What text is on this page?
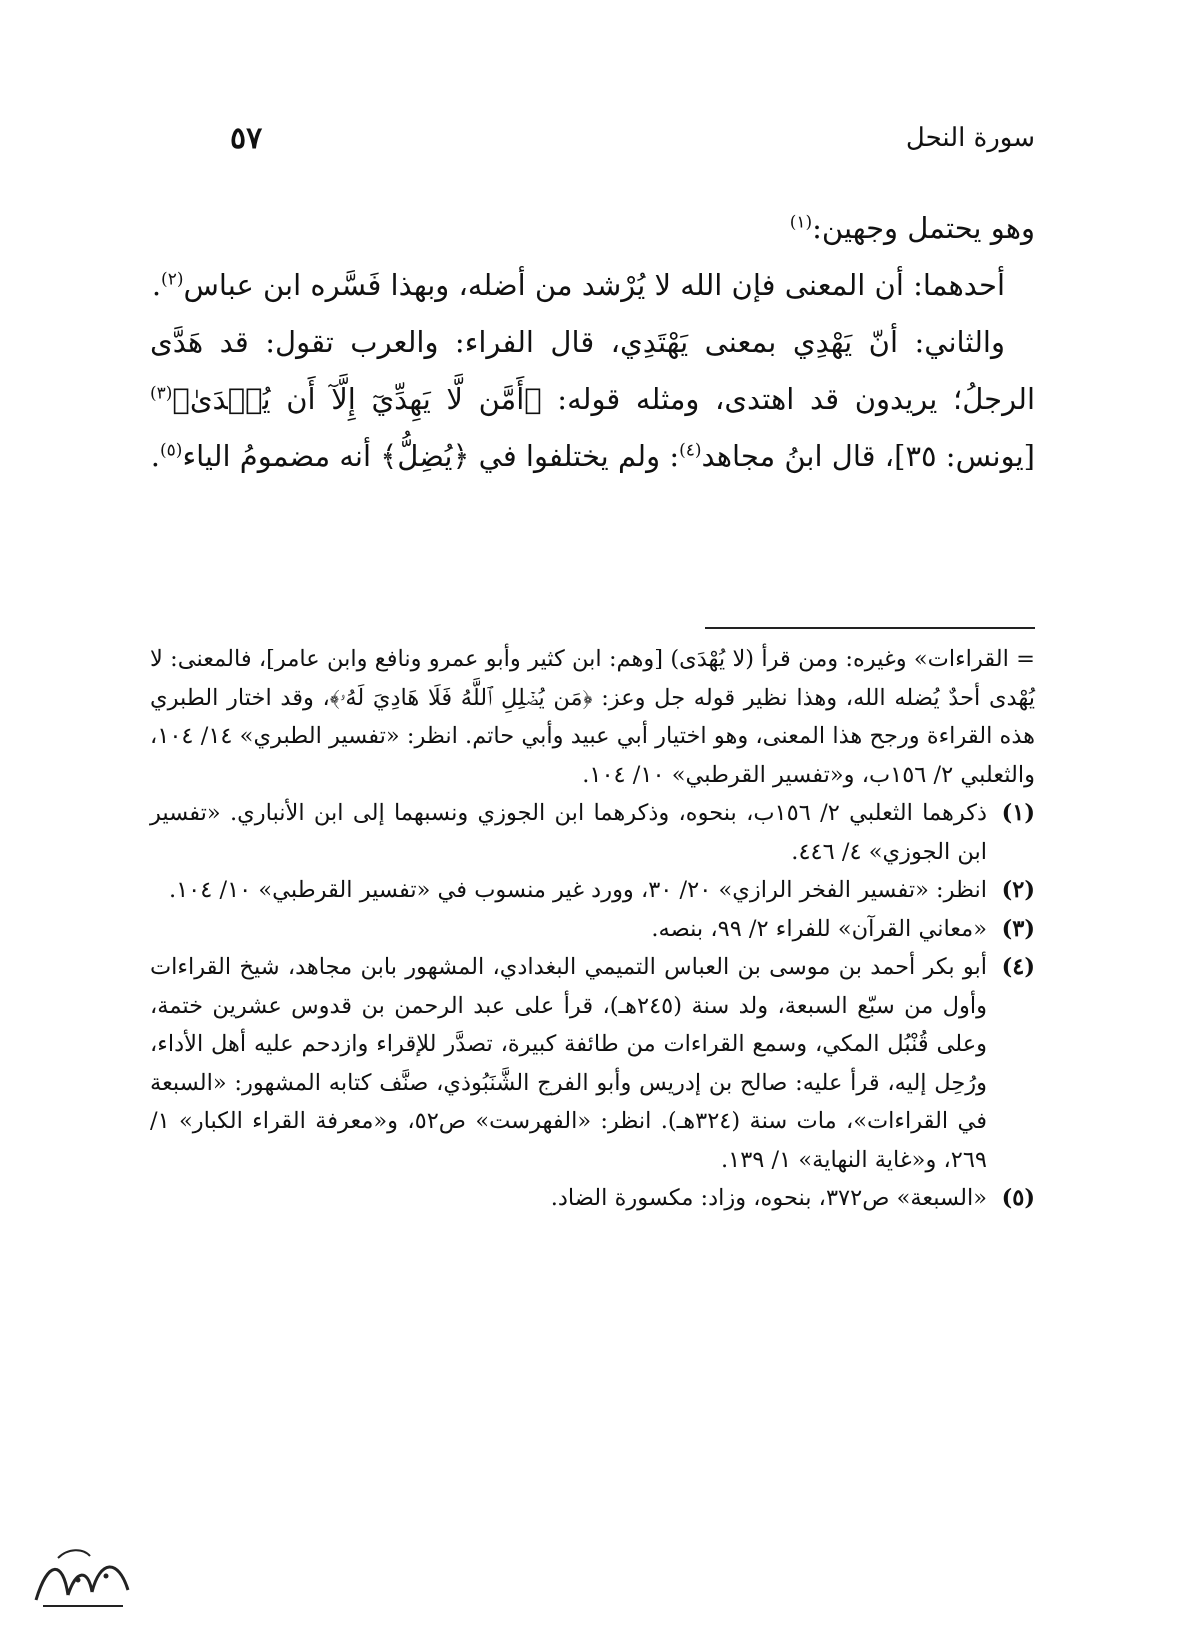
سورة النحل
٥٧

وهو يحتمل وجهين:$^{(١)}$

أحدهما: أن المعنى فإن الله لا يُرْشد من أضله، وبهذا فَسَّره ابن عباس$^{(٢)}$.

والثاني: أنّ يَهْدِي بمعنى يَهْتَدِي، قال الفراء: والعرب تقول: قد هَدَّى الرجلُ؛ يريدون قد اهتدى، ومثله قوله: ﴿أَمَّن لَّا يَهِدِّيٓ إِلَّآ أَن يُهۡدَىٰ﴾$^{(٣)}$ [يونس: ٣٥]، قال ابنُ مجاهد$^{(٤)}$: ولم يختلفوا في ﴿يُضِلُّ﴾ أنه مضمومُ الياء$^{(٥)}$.

= القراءات» وغيره: ومن قرأ (لا يُهْدَى) [وهم: ابن كثير وأبو عمرو ونافع وابن عامر]، فالمعنى: لا يُهْدى أحدٌ يُضله الله، وهذا نظير قوله جل وعز: ﴿مَن يُضۡلِلِ ٱللَّهُ فَلَا هَادِيَ لَهُۥ﴾، وقد اختار الطبري هذه القراءة ورجح هذا المعنى، وهو اختيار أبي عبيد وأبي حاتم. انظر: «تفسير الطبري» ١٤/ ١٠٤، والثعلبي ٢/ ١٥٦ب، و«تفسير القرطبي» ١٠/ ١٠٤.

(١)
ذكرهما الثعلبي ٢/ ١٥٦ب، بنحوه، وذكرهما ابن الجوزي ونسبهما إلى ابن الأنباري. «تفسير ابن الجوزي» ٤/ ٤٤٦.
(٢)
انظر: «تفسير الفخر الرازي» ٢٠/ ٣٠، وورد غير منسوب في «تفسير القرطبي» ١٠/ ١٠٤.
(٣)
«معاني القرآن» للفراء ٢/ ٩٩، بنصه.
(٤)
أبو بكر أحمد بن موسى بن العباس التميمي البغدادي، المشهور بابن مجاهد، شيخ القراءات وأول من سبّع السبعة، ولد سنة (٢٤٥هـ)، قرأ على عبد الرحمن بن قدوس عشرين ختمة، وعلى قُنْبُل المكي، وسمع القراءات من طائفة كبيرة، تصدَّر للإقراء وازدحم عليه أهل الأداء، ورُحِل إليه، قرأ عليه: صالح بن إدريس وأبو الفرج الشَّنَبُوذي، صنَّف كتابه المشهور: «السبعة في القراءات»، مات سنة (٣٢٤هـ). انظر: «الفهرست» ص٥٢، و«معرفة القراء الكبار» ١/ ٢٦٩، و«غاية النهاية» ١/ ١٣٩.
(٥)
«السبعة» ص٣٧٢، بنحوه، وزاد: مكسورة الضاد.
